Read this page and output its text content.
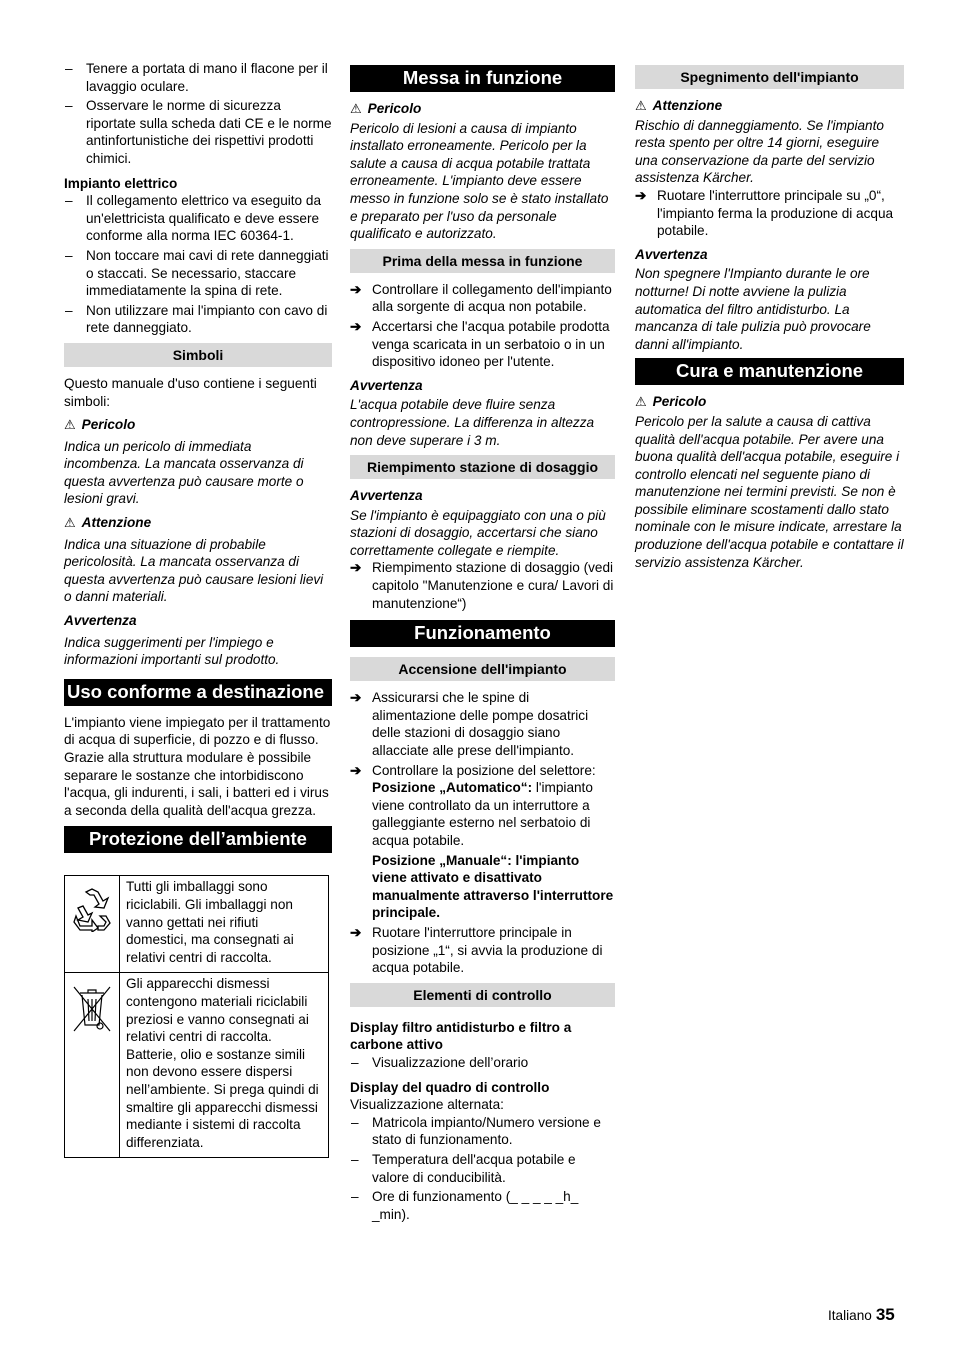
– Tenere a portata di mano il flacone per il lavaggio oculare.

– Osservare le norme di sicurezza riportate sulla scheda dati CE e le norme antinfortunistiche dei rispettivi prodotti chimici.

Impianto elettrico

– Il collegamento elettrico va eseguito da un'elettricista qualificato e deve essere conforme alla norma IEC 60364-1.

– Non toccare mai cavi di rete danneggiati o staccati. Se necessario, staccare immediatamente la spina di rete.

– Non utilizzare mai l'impianto con cavo di rete danneggiato.

Simboli

Questo manuale d'uso contiene i seguenti simboli:

⚠ Pericolo

Indica un pericolo di immediata incombenza. La mancata osservanza di questa avvertenza può causare morte o lesioni gravi.

⚠ Attenzione

Indica una situazione di probabile pericolosità. La mancata osservanza di questa avvertenza può causare lesioni lievi o danni materiali.

Avvertenza

Indica suggerimenti per l'impiego e informazioni importanti sul prodotto.

Uso conforme a destinazione

L'impianto viene impiegato per il trattamento di acqua di superficie, di pozzo e di flusso.

Grazie alla struttura modulare è possibile separare le sostanze che intorbidiscono l'acqua, gli indurenti, i sali, i batteri ed i virus a seconda della qualità dell'acqua grezza.

Protezione dell’ambiente
	Tutti gli imballaggi sono riciclabili. Gli imballaggi non vanno gettati nei rifiuti domestici, ma consegnati ai relativi centri di raccolta.
	Gli apparecchi dismessi contengono materiali riciclabili preziosi e vanno consegnati ai relativi centri di raccolta. Batterie, olio e sostanze simili non devono essere dispersi nell’ambiente. Si prega quindi di smaltire gli apparecchi dismessi mediante i sistemi di raccolta differenziata.
Messa in funzione
⚠ Pericolo

Pericolo di lesioni a causa di impianto installato erroneamente. Pericolo per la salute a causa di acqua potabile trattata erroneamente. L'impianto deve essere messo in funzione solo se è stato installato e preparato per l'uso da personale qualificato e autorizzato.

Prima della messa in funzione

➔ Controllare il collegamento dell'impianto alla sorgente di acqua non potabile.

➔ Accertarsi che l'acqua potabile prodotta venga scaricata in un serbatoio o in un dispositivo idoneo per l'utente.

Avvertenza

L'acqua potabile deve fluire senza contropressione. La differenza in altezza non deve superare i 3 m.

Riempimento stazione di dosaggio

Avvertenza

Se l'impianto è equipaggiato con una o più stazioni di dosaggio, accertarsi che siano correttamente collegate e riempite.

➔ Riempimento stazione di dosaggio (vedi capitolo "Manutenzione e cura/ Lavori di manutenzione“)

Funzionamento
Accensione dell'impianto

➔ Assicurarsi che le spine di alimentazione delle pompe dosatrici delle stazioni di dosaggio siano allacciate alle prese dell'impianto.

➔ Controllare la posizione del selettore:

Posizione „Automatico“: l'impianto viene controllato da un interruttore a galleggiante esterno nel serbatoio di acqua potabile.

Posizione „Manuale“: l'impianto viene attivato e disattivato manualmente attraverso l'interruttore principale.

➔ Ruotare l'interruttore principale in posizione „1“, si avvia la produzione di acqua potabile.

Elementi di controllo

Display filtro antidisturbo e filtro a carbone attivo

– Visualizzazione dell’orario

Display del quadro di controllo

Visualizzazione alternata:

– Matricola impianto/Numero versione e stato di funzionamento.

– Temperatura dell'acqua potabile e valore di conducibilità.

– Ore di funzionamento (_ _ _ _ _h_ _min).

Spegnimento dell'impianto
⚠ Attenzione

Rischio di danneggiamento. Se l'impianto resta spento per oltre 14 giorni, eseguire una conservazione da parte del servizio assistenza Kärcher.

➔ Ruotare l'interruttore principale su „0“, l'impianto ferma la produzione di acqua potabile.

Avvertenza

Non spegnere l'Impianto durante le ore notturne! Di notte avviene la pulizia automatica del filtro antidisturbo. La mancanza di tale pulizia può provocare danni all'impianto.

Cura e manutenzione
⚠ Pericolo

Pericolo per la salute a causa di cattiva qualità dell'acqua potabile. Per avere una buona qualità dell'acqua potabile, eseguire i controllo elencati nel seguente piano di manutenzione nei termini previsti. Se non è possibile eliminare scostamenti dallo stato nominale con le misure indicate, arrestare la produzione dell'acqua potabile e contattare il servizio assistenza Kärcher.

Italiano 35
